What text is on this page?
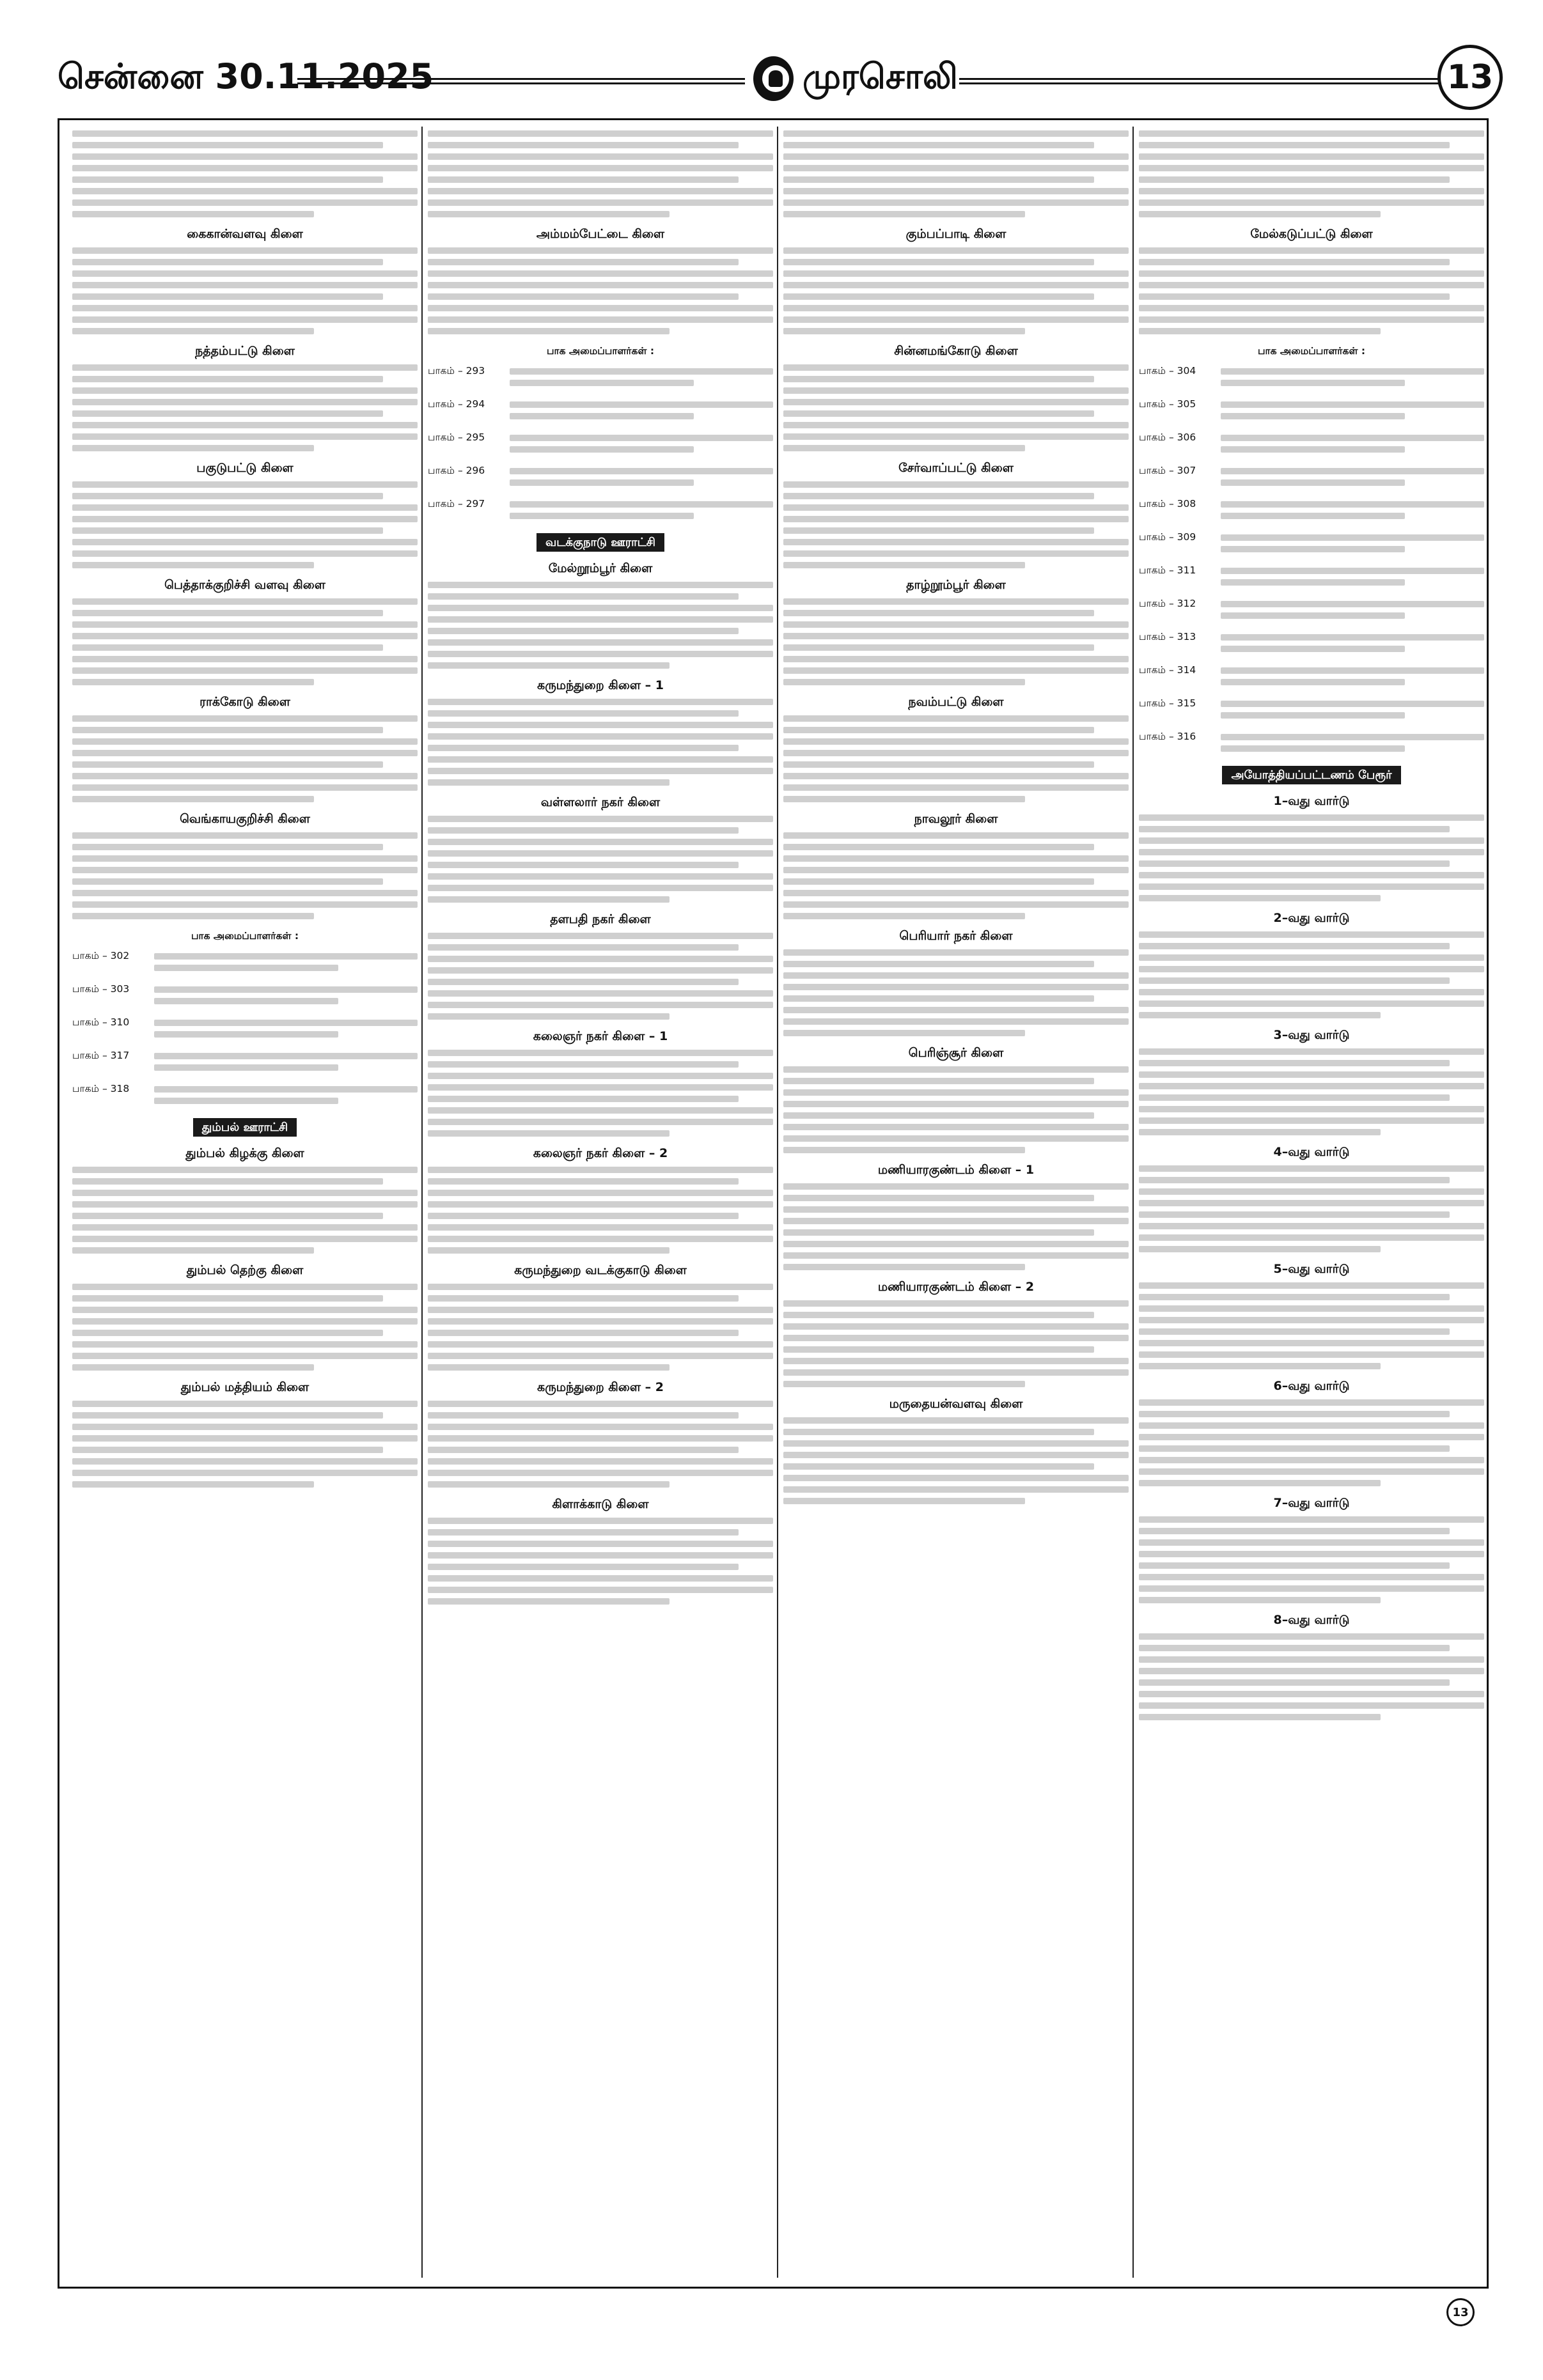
சென்னை 30.11.2025	முரசொலி	13
கைகான்வளவு கிளை
நத்தம்பட்டு கிளை
பகுடுபட்டு கிளை
பெத்தாக்குறிச்சி வளவு கிளை
ராக்கோடு கிளை
வெங்காயகுறிச்சி கிளை
பாக அமைப்பாளர்கள் :
பாகம் – 302
பாகம் – 303
பாகம் – 310
பாகம் – 317
பாகம் – 318
தும்பல் ஊராட்சி
தும்பல் கிழக்கு கிளை
தும்பல் தெற்கு கிளை
தும்பல் மத்தியம் கிளை
அம்மம்பேட்டை கிளை
பாக அமைப்பாளர்கள் :
பாகம் – 293
பாகம் – 294
பாகம் – 295
பாகம் – 296
பாகம் – 297
வடக்குநாடு ஊராட்சி
மேல்றூம்பூர் கிளை
கருமந்துறை கிளை – 1
வள்ளலார் நகர் கிளை
தளபதி நகர் கிளை
கலைஞர் நகர் கிளை – 1
கலைஞர் நகர் கிளை – 2
கருமந்துறை வடக்குகாடு கிளை
கருமந்துறை கிளை – 2
கிளாக்காடு கிளை
கும்பப்பாடி கிளை
சின்னமங்கோடு கிளை
சேர்வாப்பட்டு கிளை
தாழ்றூம்பூர் கிளை
நவம்பட்டு கிளை
நாவலூர் கிளை
பெரியார் நகர் கிளை
பெரிஞ்சூர் கிளை
மணியாரகுண்டம் கிளை – 1
மணியாரகுண்டம் கிளை – 2
மருதையன்வளவு கிளை
மேல்கடுப்பட்டு கிளை
பாக அமைப்பாளர்கள் :
பாகம் – 304
பாகம் – 305
பாகம் – 306
பாகம் – 307
பாகம் – 308
பாகம் – 309
பாகம் – 311
பாகம் – 312
பாகம் – 313
பாகம் – 314
பாகம் – 315
பாகம் – 316
அயோத்தியப்பட்டணம் பேரூர்
1–வது வார்டு
2–வது வார்டு
3–வது வார்டு
4–வது வார்டு
5–வது வார்டு
6–வது வார்டு
7–வது வார்டு
8–வது வார்டு
13
